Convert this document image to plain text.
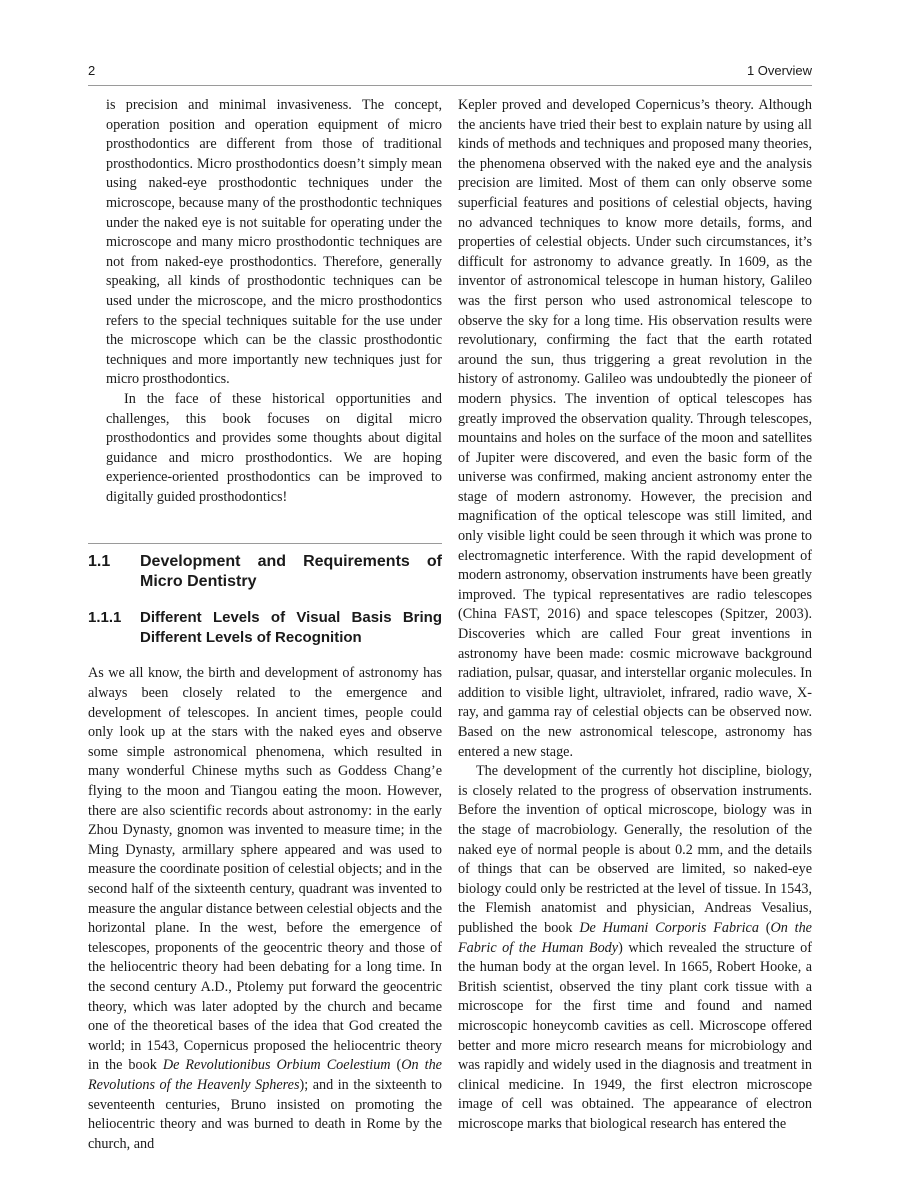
2	1 Overview

is precision and minimal invasiveness. The concept, operation position and operation equipment of micro prosthodontics are different from those of traditional prosthodontics. Micro prosthodontics doesn’t simply mean using naked-eye prosthodontic techniques under the microscope, because many of the prosthodontic techniques under the naked eye is not suitable for operating under the microscope and many micro prosthodontic techniques are not from naked-eye prosthodontics. Therefore, generally speaking, all kinds of prosthodontic techniques can be used under the microscope, and the micro prosthodontics refers to the special techniques suitable for the use under the microscope which can be the classic prosthodontic techniques and more importantly new techniques just for micro prosthodontics.

In the face of these historical opportunities and challenges, this book focuses on digital micro prosthodontics and provides some thoughts about digital guidance and micro prosthodontics. We are hoping experience-oriented prosthodontics can be improved to digitally guided prosthodontics!

1.1	Development and Requirements of Micro Dentistry
1.1.1	Different Levels of Visual Basis Bring Different Levels of Recognition

As we all know, the birth and development of astronomy has always been closely related to the emergence and development of telescopes. In ancient times, people could only look up at the stars with the naked eyes and observe some simple astronomical phenomena, which resulted in many wonderful Chinese myths such as Goddess Chang’e flying to the moon and Tiangou eating the moon. However, there are also scientific records about astronomy: in the early Zhou Dynasty, gnomon was invented to measure time; in the Ming Dynasty, armillary sphere appeared and was used to measure the coordinate position of celestial objects; and in the second half of the sixteenth century, quadrant was invented to measure the angular distance between celestial objects and the horizontal plane. In the west, before the emergence of telescopes, proponents of the geocentric theory and those of the heliocentric theory had been debating for a long time. In the second century A.D., Ptolemy put forward the geocentric theory, which was later adopted by the church and became one of the theoretical bases of the idea that God created the world; in 1543, Copernicus proposed the heliocentric theory in the book De Revolutionibus Orbium Coelestium (On the Revolutions of the Heavenly Spheres); and in the sixteenth to seventeenth centuries, Bruno insisted on promoting the heliocentric theory and was burned to death in Rome by the church, and

Kepler proved and developed Copernicus’s theory. Although the ancients have tried their best to explain nature by using all kinds of methods and techniques and proposed many theories, the phenomena observed with the naked eye and the analysis precision are limited. Most of them can only observe some superficial features and positions of celestial objects, having no advanced techniques to know more details, forms, and properties of celestial objects. Under such circumstances, it’s difficult for astronomy to advance greatly. In 1609, as the inventor of astronomical telescope in human history, Galileo was the first person who used astronomical telescope to observe the sky for a long time. His observation results were revolutionary, confirming the fact that the earth rotated around the sun, thus triggering a great revolution in the history of astronomy. Galileo was undoubtedly the pioneer of modern physics. The invention of optical telescopes has greatly improved the observation quality. Through telescopes, mountains and holes on the surface of the moon and satellites of Jupiter were discovered, and even the basic form of the universe was confirmed, making ancient astronomy enter the stage of modern astronomy. However, the precision and magnification of the optical telescope was still limited, and only visible light could be seen through it which was prone to electromagnetic interference. With the rapid development of modern astronomy, observation instruments have been greatly improved. The typical representatives are radio telescopes (China FAST, 2016) and space telescopes (Spitzer, 2003). Discoveries which are called Four great inventions in astronomy have been made: cosmic microwave background radiation, pulsar, quasar, and interstellar organic molecules. In addition to visible light, ultraviolet, infrared, radio wave, X-ray, and gamma ray of celestial objects can be observed now. Based on the new astronomical telescope, astronomy has entered a new stage.

The development of the currently hot discipline, biology, is closely related to the progress of observation instruments. Before the invention of optical microscope, biology was in the stage of macrobiology. Generally, the resolution of the naked eye of normal people is about 0.2 mm, and the details of things that can be observed are limited, so naked-eye biology could only be restricted at the level of tissue. In 1543, the Flemish anatomist and physician, Andreas Vesalius, published the book De Humani Corporis Fabrica (On the Fabric of the Human Body) which revealed the structure of the human body at the organ level. In 1665, Robert Hooke, a British scientist, observed the tiny plant cork tissue with a microscope for the first time and found and named microscopic honeycomb cavities as cell. Microscope offered better and more micro research means for microbiology and was rapidly and widely used in the diagnosis and treatment in clinical medicine. In 1949, the first electron microscope image of cell was obtained. The appearance of electron microscope marks that biological research has entered the
